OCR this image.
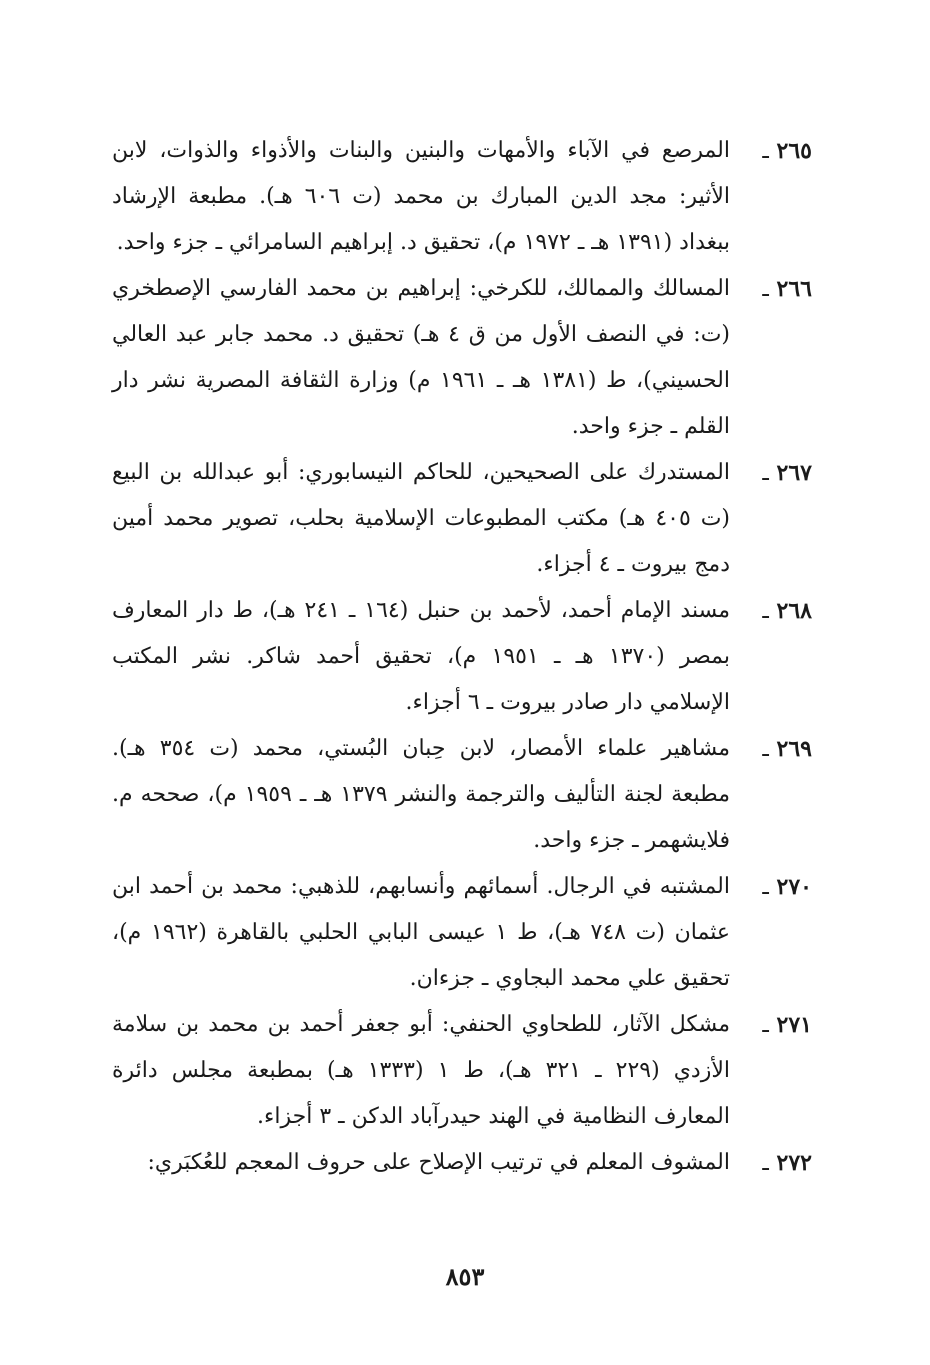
٢٦٥ ـ
المرصع في الآباء والأمهات والبنين والبنات والأذواء والذوات، لابن الأثير: مجد الدين المبارك بن محمد (ت ٦٠٦ هـ). مطبعة الإرشاد ببغداد (١٣٩١ هـ ـ ١٩٧٢ م)، تحقيق د. إبراهيم السامرائي ـ جزء واحد.
٢٦٦ ـ
المسالك والممالك، للكرخي: إبراهيم بن محمد الفارسي الإصطخري (ت: في النصف الأول من ق ٤ هـ) تحقيق د. محمد جابر عبد العالي الحسيني)، ط (١٣٨١ هـ ـ ١٩٦١ م) وزارة الثقافة المصرية نشر دار القلم ـ جزء واحد.
٢٦٧ ـ
المستدرك على الصحيحين، للحاكم النيسابوري: أبو عبدالله بن البيع (ت ٤٠٥ هـ) مكتب المطبوعات الإسلامية بحلب، تصوير محمد أمين دمج بيروت ـ ٤ أجزاء.
٢٦٨ ـ
مسند الإمام أحمد، لأحمد بن حنبل (١٦٤ ـ ٢٤١ هـ)، ط دار المعارف بمصر (١٣٧٠ هـ ـ ١٩٥١ م)، تحقيق أحمد شاكر. نشر المكتب الإسلامي دار صادر بيروت ـ ٦ أجزاء.
٢٦٩ ـ
مشاهير علماء الأمصار، لابن حِبان البُستي، محمد (ت ٣٥٤ هـ). مطبعة لجنة التأليف والترجمة والنشر ١٣٧٩ هـ ـ ١٩٥٩ م)، صححه م. فلايشهمر ـ جزء واحد.
٢٧٠ ـ
المشتبه في الرجال. أسمائهم وأنسابهم، للذهبي: محمد بن أحمد ابن عثمان (ت ٧٤٨ هـ)، ط ١ عيسى البابي الحلبي بالقاهرة (١٩٦٢ م)، تحقيق علي محمد البجاوي ـ جزءان.
٢٧١ ـ
مشكل الآثار، للطحاوي الحنفي: أبو جعفر أحمد بن محمد بن سلامة الأزدي (٢٢٩ ـ ٣٢١ هـ)، ط ١ (١٣٣٣ هـ) بمطبعة مجلس دائرة المعارف النظامية في الهند حيدرآباد الدكن ـ ٣ أجزاء.
٢٧٢ ـ
المشوف المعلم في ترتيب الإصلاح على حروف المعجم للعُكبَري:
٨٥٣
